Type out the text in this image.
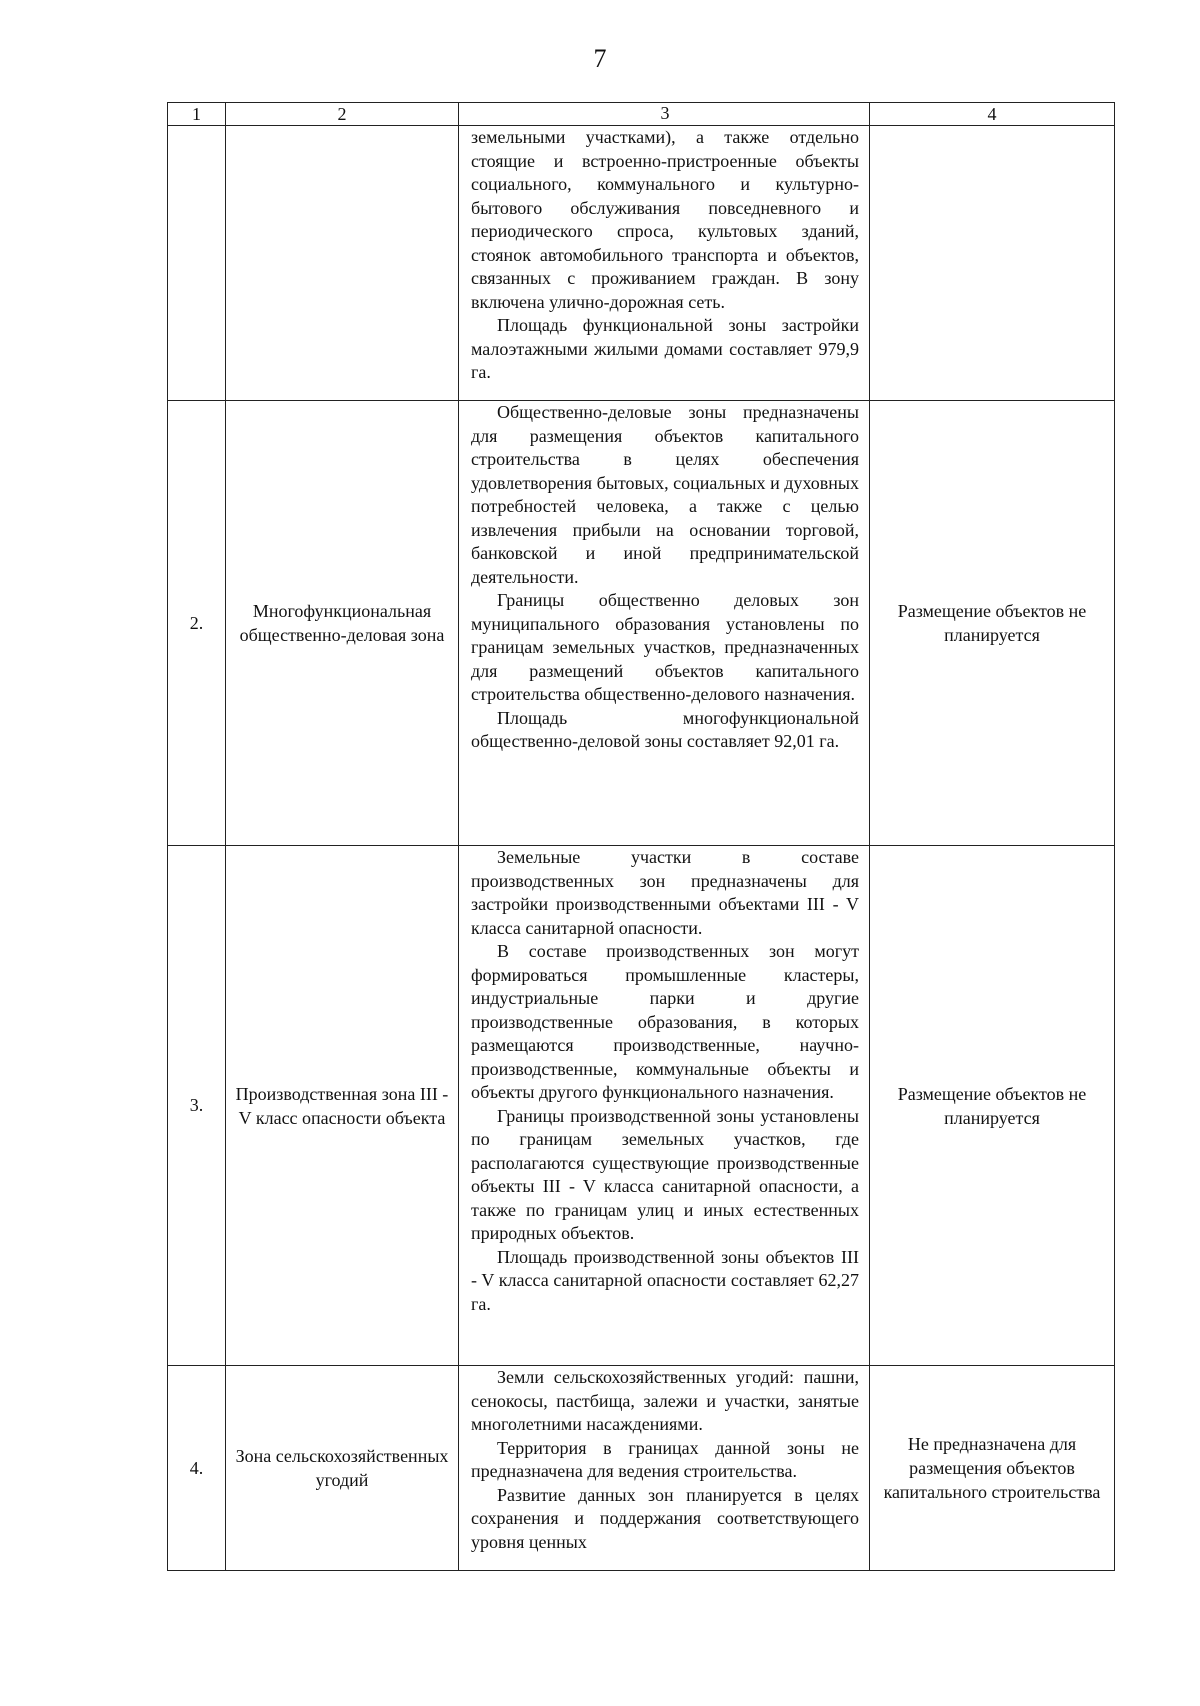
7
1	2	3	4

		земельными участками), а также отдельно стоящие и встроенно-пристроенные объекты социального, коммунального и культурно-бытового обслуживания повседневного и периодического спроса, культовых зданий, стоянок автомобильного транспорта и объектов, связанных с проживанием граждан. В зону включена улично-дорожная сеть.

Площадь функциональной зоны застройки малоэтажными жилыми домами составляет 979,9 га.	

2.	Многофункциональная общественно-деловая зона	Общественно-деловые зоны предназначены для размещения объектов капитального строительства в целях обеспечения удовлетворения бытовых, социальных и духовных потребностей человека, а также с целью извлечения прибыли на основании торговой, банковской и иной предпринимательской деятельности.

Границы общественно деловых зон муниципального образования установлены по границам земельных участков, предназначенных для размещений объектов капитального строительства общественно-делового назначения.

Площадь многофункциональной общественно-деловой зоны составляет 92,01 га.	Размещение объектов не планируется

3.	Производственная зона III - V класс опасности объекта	Земельные участки в составе производственных зон предназначены для застройки производственными объектами III - V класса санитарной опасности.

В составе производственных зон могут формироваться промышленные кластеры, индустриальные парки и другие производственные образования, в которых размещаются производственные, научно-производственные, коммунальные объекты и объекты другого функционального назначения.

Границы производственной зоны установлены по границам земельных участков, где располагаются существующие производственные объекты III - V класса санитарной опасности, а также по границам улиц и иных естественных природных объектов.

Площадь производственной зоны объектов III - V класса санитарной опасности составляет 62,27 га.	Размещение объектов не планируется

4.	Зона сельскохозяйственных угодий	Земли сельскохозяйственных угодий: пашни, сенокосы, пастбища, залежи и участки, занятые многолетними насаждениями.

Территория в границах данной зоны не предназначена для ведения строительства.

Развитие данных зон планируется в целях сохранения и поддержания соответствующего уровня ценных	Не предназначена для размещения объектов капитального строительства
